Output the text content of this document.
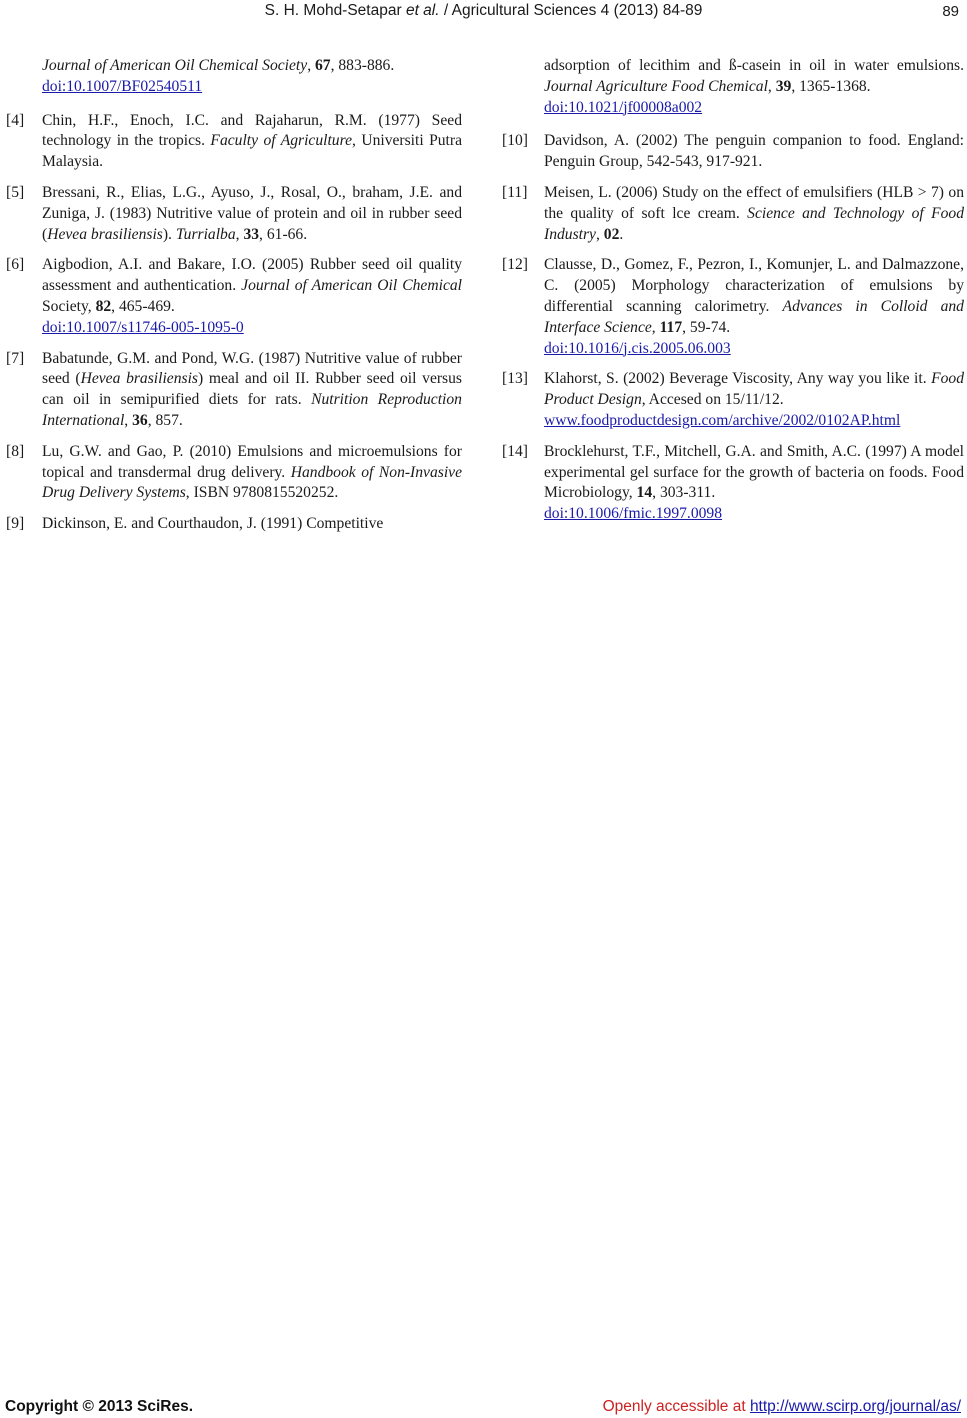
S. H. Mohd-Setapar et al. / Agricultural Sciences 4 (2013) 84-89	89
Journal of American Oil Chemical Society, 67, 883-886.
doi:10.1007/BF02540511
[4] Chin, H.F., Enoch, I.C. and Rajaharun, R.M. (1977) Seed technology in the tropics. Faculty of Agriculture, Universiti Putra Malaysia.
[5] Bressani, R., Elias, L.G., Ayuso, J., Rosal, O., braham, J.E. and Zuniga, J. (1983) Nutritive value of protein and oil in rubber seed (Hevea brasiliensis). Turrialba, 33, 61-66.
[6] Aigbodion, A.I. and Bakare, I.O. (2005) Rubber seed oil quality assessment and authentication. Journal of American Oil Chemical Society, 82, 465-469.
doi:10.1007/s11746-005-1095-0
[7] Babatunde, G.M. and Pond, W.G. (1987) Nutritive value of rubber seed (Hevea brasiliensis) meal and oil II. Rubber seed oil versus can oil in semipurified diets for rats. Nutrition Reproduction International, 36, 857.
[8] Lu, G.W. and Gao, P. (2010) Emulsions and microemulsions for topical and transdermal drug delivery. Handbook of Non-Invasive Drug Delivery Systems, ISBN 9780815520252.
[9] Dickinson, E. and Courthaudon, J. (1991) Competitive
adsorption of lecithim and ß-casein in oil in water emulsions. Journal Agriculture Food Chemical, 39, 1365-1368.
doi:10.1021/jf00008a002
[10] Davidson, A. (2002) The penguin companion to food. England: Penguin Group, 542-543, 917-921.
[11] Meisen, L. (2006) Study on the effect of emulsifiers (HLB > 7) on the quality of soft lce cream. Science and Technology of Food Industry, 02.
[12] Clausse, D., Gomez, F., Pezron, I., Komunjer, L. and Dalmazzone, C. (2005) Morphology characterization of emulsions by differential scanning calorimetry. Advances in Colloid and Interface Science, 117, 59-74.
doi:10.1016/j.cis.2005.06.003
[13] Klahorst, S. (2002) Beverage Viscosity, Any way you like it. Food Product Design, Accesed on 15/11/12.
www.foodproductdesign.com/archive/2002/0102AP.html
[14] Brocklehurst, T.F., Mitchell, G.A. and Smith, A.C. (1997) A model experimental gel surface for the growth of bacteria on foods. Food Microbiology, 14, 303-311.
doi:10.1006/fmic.1997.0098
Copyright © 2013 SciRes.	Openly accessible at http://www.scirp.org/journal/as/
